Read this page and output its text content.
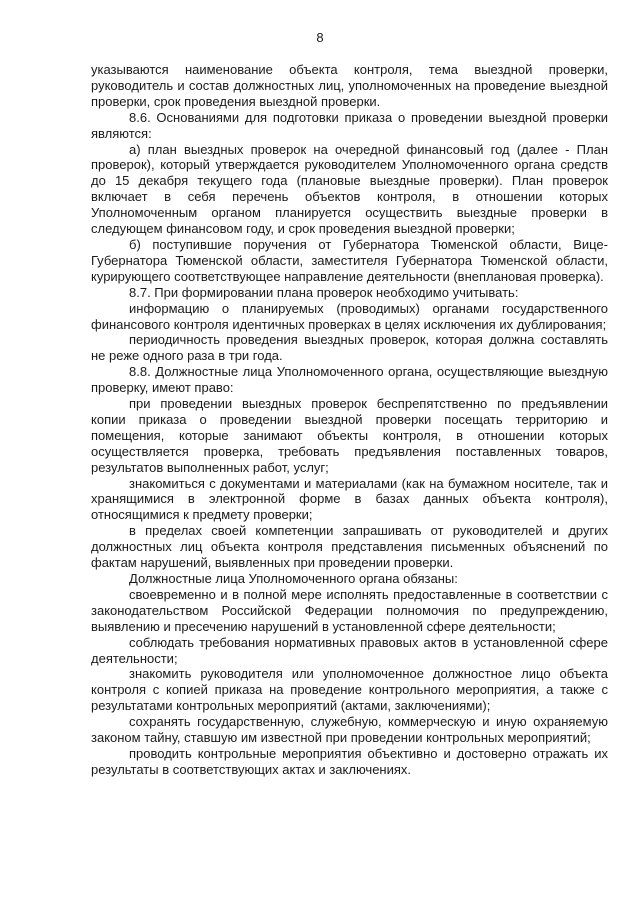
8

указываются наименование объекта контроля, тема выездной проверки, руководитель и состав должностных лиц, уполномоченных на проведение выездной проверки, срок проведения выездной проверки.

8.6. Основаниями для подготовки приказа о проведении выездной проверки являются:

а) план выездных проверок на очередной финансовый год (далее - План проверок), который утверждается руководителем Уполномоченного органа средств до 15 декабря текущего года (плановые выездные проверки). План проверок включает в себя перечень объектов контроля, в отношении которых Уполномоченным органом планируется осуществить выездные проверки в следующем финансовом году, и срок проведения выездной проверки;

б) поступившие поручения от Губернатора Тюменской области, Вице-Губернатора Тюменской области, заместителя Губернатора Тюменской области, курирующего соответствующее направление деятельности (внеплановая проверка).

8.7. При формировании плана проверок необходимо учитывать:

информацию о планируемых (проводимых) органами государственного финансового контроля идентичных проверках в целях исключения их дублирования;

периодичность проведения выездных проверок, которая должна составлять не реже одного раза в три года.

8.8. Должностные лица Уполномоченного органа, осуществляющие выездную проверку, имеют право:

при проведении выездных проверок беспрепятственно по предъявлении копии приказа о проведении выездной проверки посещать территорию и помещения, которые занимают объекты контроля, в отношении которых осуществляется проверка, требовать предъявления поставленных товаров, результатов выполненных работ, услуг;

знакомиться с документами и материалами (как на бумажном носителе, так и хранящимися в электронной форме в базах данных объекта контроля), относящимися к предмету проверки;

в пределах своей компетенции запрашивать от руководителей и других должностных лиц объекта контроля представления письменных объяснений по фактам нарушений, выявленных при проведении проверки.

Должностные лица Уполномоченного органа обязаны:

своевременно и в полной мере исполнять предоставленные в соответствии с законодательством Российской Федерации полномочия по предупреждению, выявлению и пресечению нарушений в установленной сфере деятельности;

соблюдать требования нормативных правовых актов в установленной сфере деятельности;

знакомить руководителя или уполномоченное должностное лицо объекта контроля с копией приказа на проведение контрольного мероприятия, а также с результатами контрольных мероприятий (актами, заключениями);

сохранять государственную, служебную, коммерческую и иную охраняемую законом тайну, ставшую им известной при проведении контрольных мероприятий;

проводить контрольные мероприятия объективно и достоверно отражать их результаты в соответствующих актах и заключениях.
